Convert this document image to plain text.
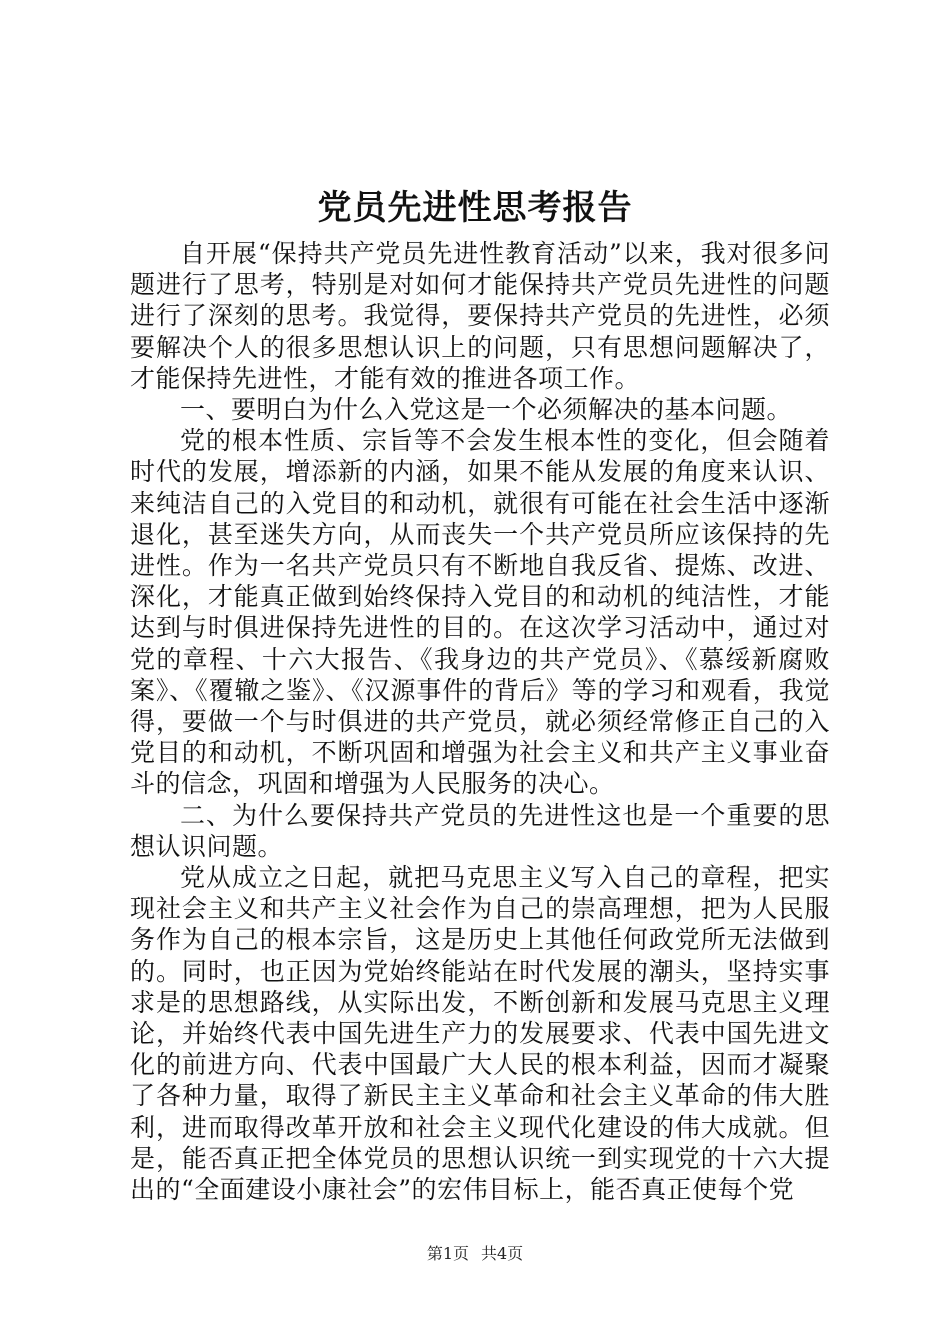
党员先进性思考报告

自开展“保持共产党员先进性教育活动”以来，我对很多问题进行了思考，特别是对如何才能保持共产党员先进性的问题进行了深刻的思考。我觉得，要保持共产党员的先进性，必须要解决个人的很多思想认识上的问题，只有思想问题解决了，才能保持先进性，才能有效的推进各项工作。

一、要明白为什么入党这是一个必须解决的基本问题。

党的根本性质、宗旨等不会发生根本性的变化，但会随着时代的发展，增添新的内涵，如果不能从发展的角度来认识、来纯洁自己的入党目的和动机，就很有可能在社会生活中逐渐退化，甚至迷失方向，从而丧失一个共产党员所应该保持的先进性。作为一名共产党员只有不断地自我反省、提炼、改进、深化，才能真正做到始终保持入党目的和动机的纯洁性，才能达到与时俱进保持先进性的目的。在这次学习活动中，通过对党的章程、十六大报告、《我身边的共产党员》、《慕绥新腐败案》、《覆辙之鉴》、《汉源事件的背后》等的学习和观看，我觉得，要做一个与时俱进的共产党员，就必须经常修正自己的入党目的和动机，不断巩固和增强为社会主义和共产主义事业奋斗的信念，巩固和增强为人民服务的决心。

二、为什么要保持共产党员的先进性这也是一个重要的思想认识问题。

党从成立之日起，就把马克思主义写入自己的章程，把实现社会主义和共产主义社会作为自己的崇高理想，把为人民服务作为自己的根本宗旨，这是历史上其他任何政党所无法做到的。同时，也正因为党始终能站在时代发展的潮头，坚持实事求是的思想路线，从实际出发，不断创新和发展马克思主义理论，并始终代表中国先进生产力的发展要求、代表中国先进文化的前进方向、代表中国最广大人民的根本利益，因而才凝聚了各种力量，取得了新民主主义革命和社会主义革命的伟大胜利，进而取得改革开放和社会主义现代化建设的伟大成就。但是，能否真正把全体党员的思想认识统一到实现党的十六大提出的“全面建设小康社会”的宏伟目标上，能否真正使每个党

第1页 共4页
